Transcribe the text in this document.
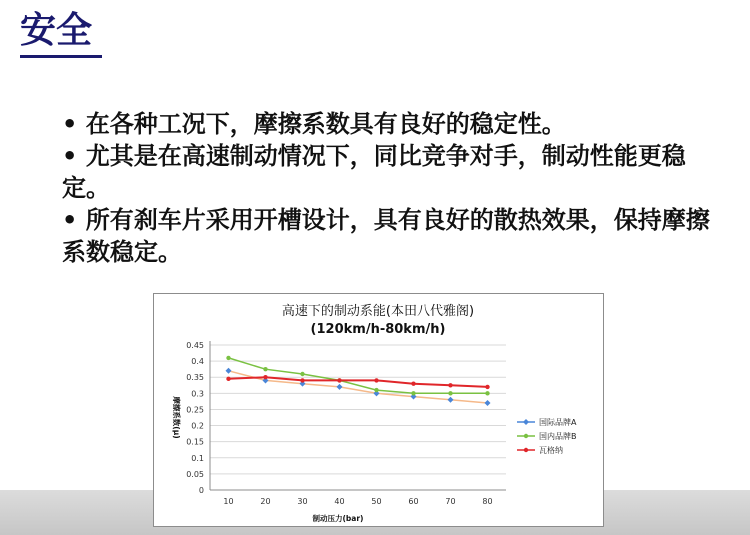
安全
• 在各种工况下，摩擦系数具有良好的稳定性。
• 尤其是在高速制动情况下，同比竞争对手，制动性能更稳定。
• 所有刹车片采用开槽设计，具有良好的散热效果，保持摩擦系数稳定。
高速下的制动系能(本田八代雅阁)
(120km/h-80km/h)
0
0.05
0.1
0.15
0.2
0.25
0.3
0.35
0.4
0.45
10	20	30	40	50	60	70	80
制动压力(bar)
摩擦系数(μ)	国际品牌A
国内品牌B
瓦格纳
